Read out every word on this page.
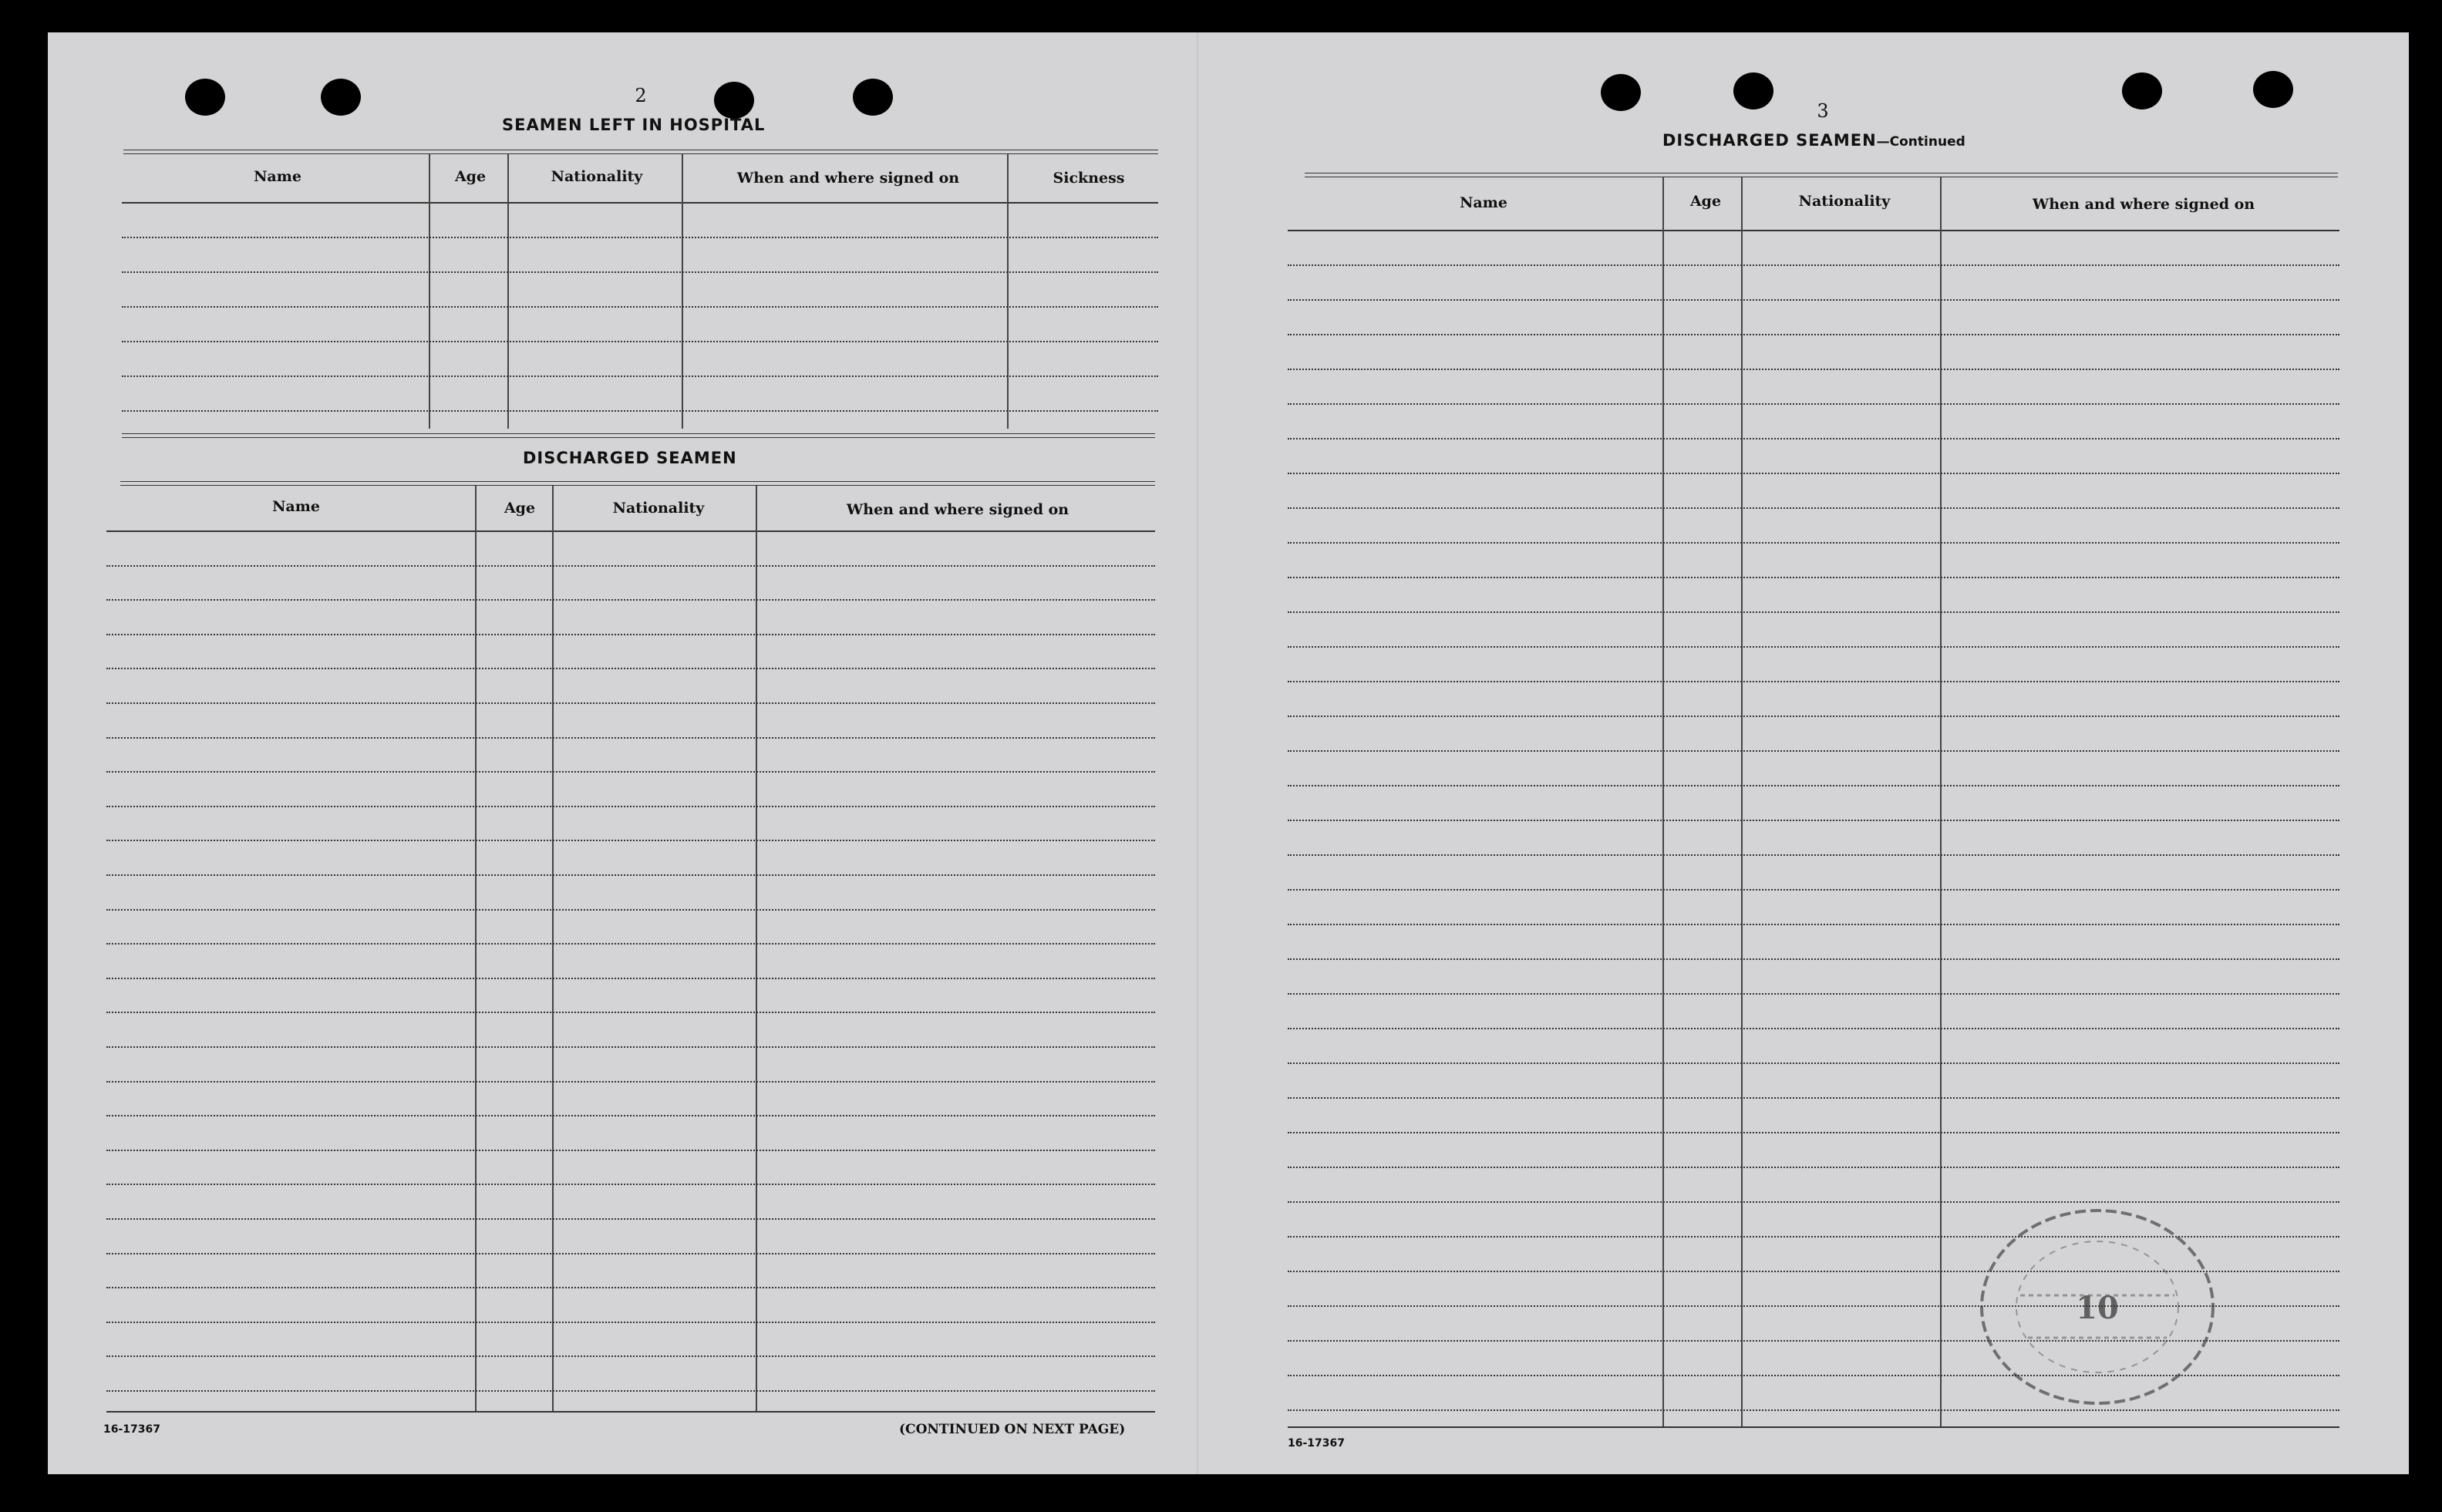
2
SEAMEN LEFT IN HOSPITAL
Name	Age	Nationality	When and where signed on	Sickness
DISCHARGED SEAMEN
Name	Age	Nationality	When and where signed on
16-17367	(CONTINUED ON NEXT PAGE)
3
DISCHARGED SEAMEN—Continued
Name	Age	Nationality	When and where signed on
16-17367
10
